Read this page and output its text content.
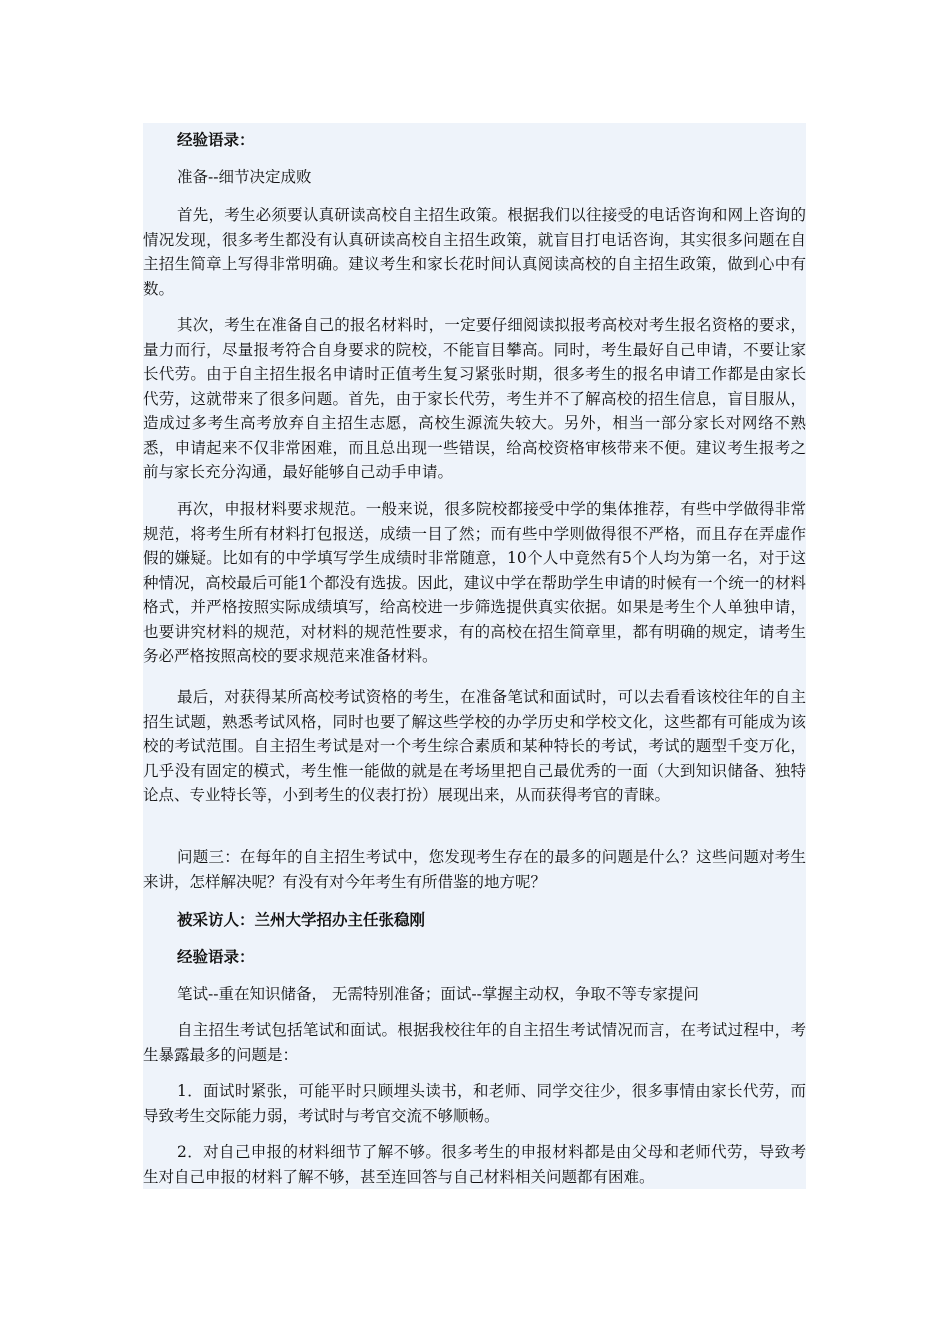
经验语录：

准备--细节决定成败

首先，考生必须要认真研读高校自主招生政策。根据我们以往接受的电话咨询和网上咨询的情况发现，很多考生都没有认真研读高校自主招生政策，就盲目打电话咨询，其实很多问题在自主招生简章上写得非常明确。建议考生和家长花时间认真阅读高校的自主招生政策，做到心中有数。

其次，考生在准备自己的报名材料时，一定要仔细阅读拟报考高校对考生报名资格的要求，量力而行，尽量报考符合自身要求的院校，不能盲目攀高。同时，考生最好自己申请，不要让家长代劳。由于自主招生报名申请时正值考生复习紧张时期，很多考生的报名申请工作都是由家长代劳，这就带来了很多问题。首先，由于家长代劳，考生并不了解高校的招生信息，盲目服从，造成过多考生高考放弃自主招生志愿，高校生源流失较大。另外，相当一部分家长对网络不熟悉，申请起来不仅非常困难，而且总出现一些错误，给高校资格审核带来不便。建议考生报考之前与家长充分沟通，最好能够自己动手申请。

再次，申报材料要求规范。一般来说，很多院校都接受中学的集体推荐，有些中学做得非常规范，将考生所有材料打包报送，成绩一目了然；而有些中学则做得很不严格，而且存在弄虚作假的嫌疑。比如有的中学填写学生成绩时非常随意，10个人中竟然有5个人均为第一名，对于这种情况，高校最后可能1个都没有选拔。因此，建议中学在帮助学生申请的时候有一个统一的材料格式，并严格按照实际成绩填写，给高校进一步筛选提供真实依据。如果是考生个人单独申请，也要讲究材料的规范，对材料的规范性要求，有的高校在招生简章里，都有明确的规定，请考生务必严格按照高校的要求规范来准备材料。

最后，对获得某所高校考试资格的考生，在准备笔试和面试时，可以去看看该校往年的自主招生试题，熟悉考试风格，同时也要了解这些学校的办学历史和学校文化，这些都有可能成为该校的考试范围。自主招生考试是对一个考生综合素质和某种特长的考试，考试的题型千变万化，几乎没有固定的模式，考生惟一能做的就是在考场里把自己最优秀的一面（大到知识储备、独特论点、专业特长等，小到考生的仪表打扮）展现出来，从而获得考官的青睐。

问题三：在每年的自主招生考试中，您发现考生存在的最多的问题是什么？这些问题对考生来讲，怎样解决呢？有没有对今年考生有所借鉴的地方呢？

被采访人：兰州大学招办主任张稳刚

经验语录：

笔试--重在知识储备， 无需特别准备；面试--掌握主动权，争取不等专家提问

自主招生考试包括笔试和面试。根据我校往年的自主招生考试情况而言，在考试过程中，考生暴露最多的问题是：

1．面试时紧张，可能平时只顾埋头读书，和老师、同学交往少，很多事情由家长代劳，而导致考生交际能力弱，考试时与考官交流不够顺畅。

2．对自己申报的材料细节了解不够。很多考生的申报材料都是由父母和老师代劳，导致考生对自己申报的材料了解不够，甚至连回答与自己材料相关问题都有困难。
